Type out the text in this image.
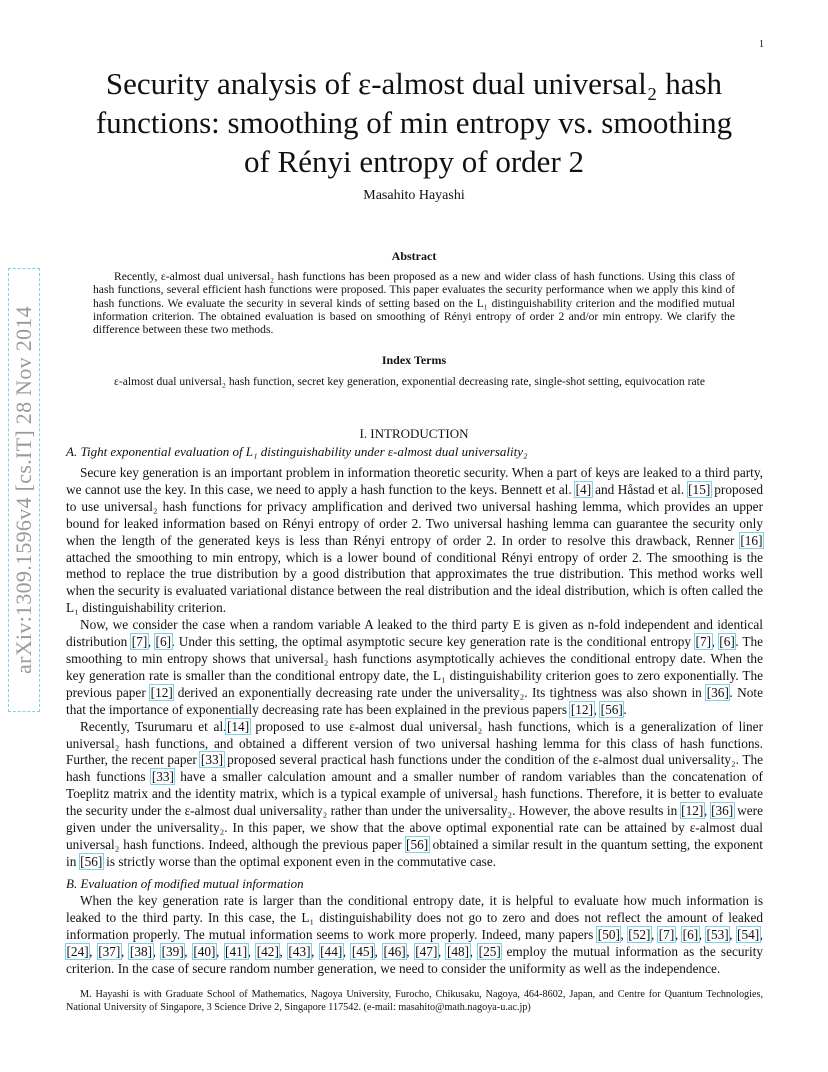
1
arXiv:1309.1596v4 [cs.IT] 28 Nov 2014
Security analysis of ε-almost dual universal₂ hash
functions: smoothing of min entropy vs. smoothing
of Rényi entropy of order 2
Masahito Hayashi
Abstract
Recently, ε-almost dual universal₂ hash functions has been proposed as a new and wider class of hash functions. Using this class of hash functions, several efficient hash functions were proposed. This paper evaluates the security performance when we apply this kind of hash functions. We evaluate the security in several kinds of setting based on the L₁ distinguishability criterion and the modified mutual information criterion. The obtained evaluation is based on smoothing of Rényi entropy of order 2 and/or min entropy. We clarify the difference between these two methods.
Index Terms
ε-almost dual universal₂ hash function, secret key generation, exponential decreasing rate, single-shot setting, equivocation rate
I. INTRODUCTION
A. Tight exponential evaluation of L₁ distinguishability under ε-almost dual universality₂

Secure key generation is an important problem in information theoretic security. When a part of keys are leaked to a third party, we cannot use the key. In this case, we need to apply a hash function to the keys. Bennett et al. [4] and Håstad et al. [15] proposed to use universal₂ hash functions for privacy amplification and derived two universal hashing lemma, which provides an upper bound for leaked information based on Rényi entropy of order 2. Two universal hashing lemma can guarantee the security only when the length of the generated keys is less than Rényi entropy of order 2. In order to resolve this drawback, Renner [16] attached the smoothing to min entropy, which is a lower bound of conditional Rényi entropy of order 2. The smoothing is the method to replace the true distribution by a good distribution that approximates the true distribution. This method works well when the security is evaluated variational distance between the real distribution and the ideal distribution, which is often called the L₁ distinguishability criterion.

Now, we consider the case when a random variable A leaked to the third party E is given as n-fold independent and identical distribution [7], [6]. Under this setting, the optimal asymptotic secure key generation rate is the conditional entropy [7], [6]. The smoothing to min entropy shows that universal₂ hash functions asymptotically achieves the conditional entropy date. When the key generation rate is smaller than the conditional entropy date, the L₁ distinguishability criterion goes to zero exponentially. The previous paper [12] derived an exponentially decreasing rate under the universality₂. Its tightness was also shown in [36]. Note that the importance of exponentially decreasing rate has been explained in the previous papers [12], [56].

Recently, Tsurumaru et al.[14] proposed to use ε-almost dual universal₂ hash functions, which is a generalization of liner universal₂ hash functions, and obtained a different version of two universal hashing lemma for this class of hash functions. Further, the recent paper [33] proposed several practical hash functions under the condition of the ε-almost dual universality₂. The hash functions [33] have a smaller calculation amount and a smaller number of random variables than the concatenation of Toeplitz matrix and the identity matrix, which is a typical example of universal₂ hash functions. Therefore, it is better to evaluate the security under the ε-almost dual universality₂ rather than under the universality₂. However, the above results in [12], [36] were given under the universality₂. In this paper, we show that the above optimal exponential rate can be attained by ε-almost dual universal₂ hash functions. Indeed, although the previous paper [56] obtained a similar result in the quantum setting, the exponent in [56] is strictly worse than the optimal exponent even in the commutative case.

B. Evaluation of modified mutual information

When the key generation rate is larger than the conditional entropy date, it is helpful to evaluate how much information is leaked to the third party. In this case, the L₁ distinguishability does not go to zero and does not reflect the amount of leaked information properly. The mutual information seems to work more properly. Indeed, many papers [50], [52], [7], [6], [53], [54], [24], [37], [38], [39], [40], [41], [42], [43], [44], [45], [46], [47], [48], [25] employ the mutual information as the security criterion. In the case of secure random number generation, we need to consider the uniformity as well as the independence.

M. Hayashi is with Graduate School of Mathematics, Nagoya University, Furocho, Chikusaku, Nagoya, 464-8602, Japan, and Centre for Quantum Technologies, National University of Singapore, 3 Science Drive 2, Singapore 117542. (e-mail: masahito@math.nagoya-u.ac.jp)
